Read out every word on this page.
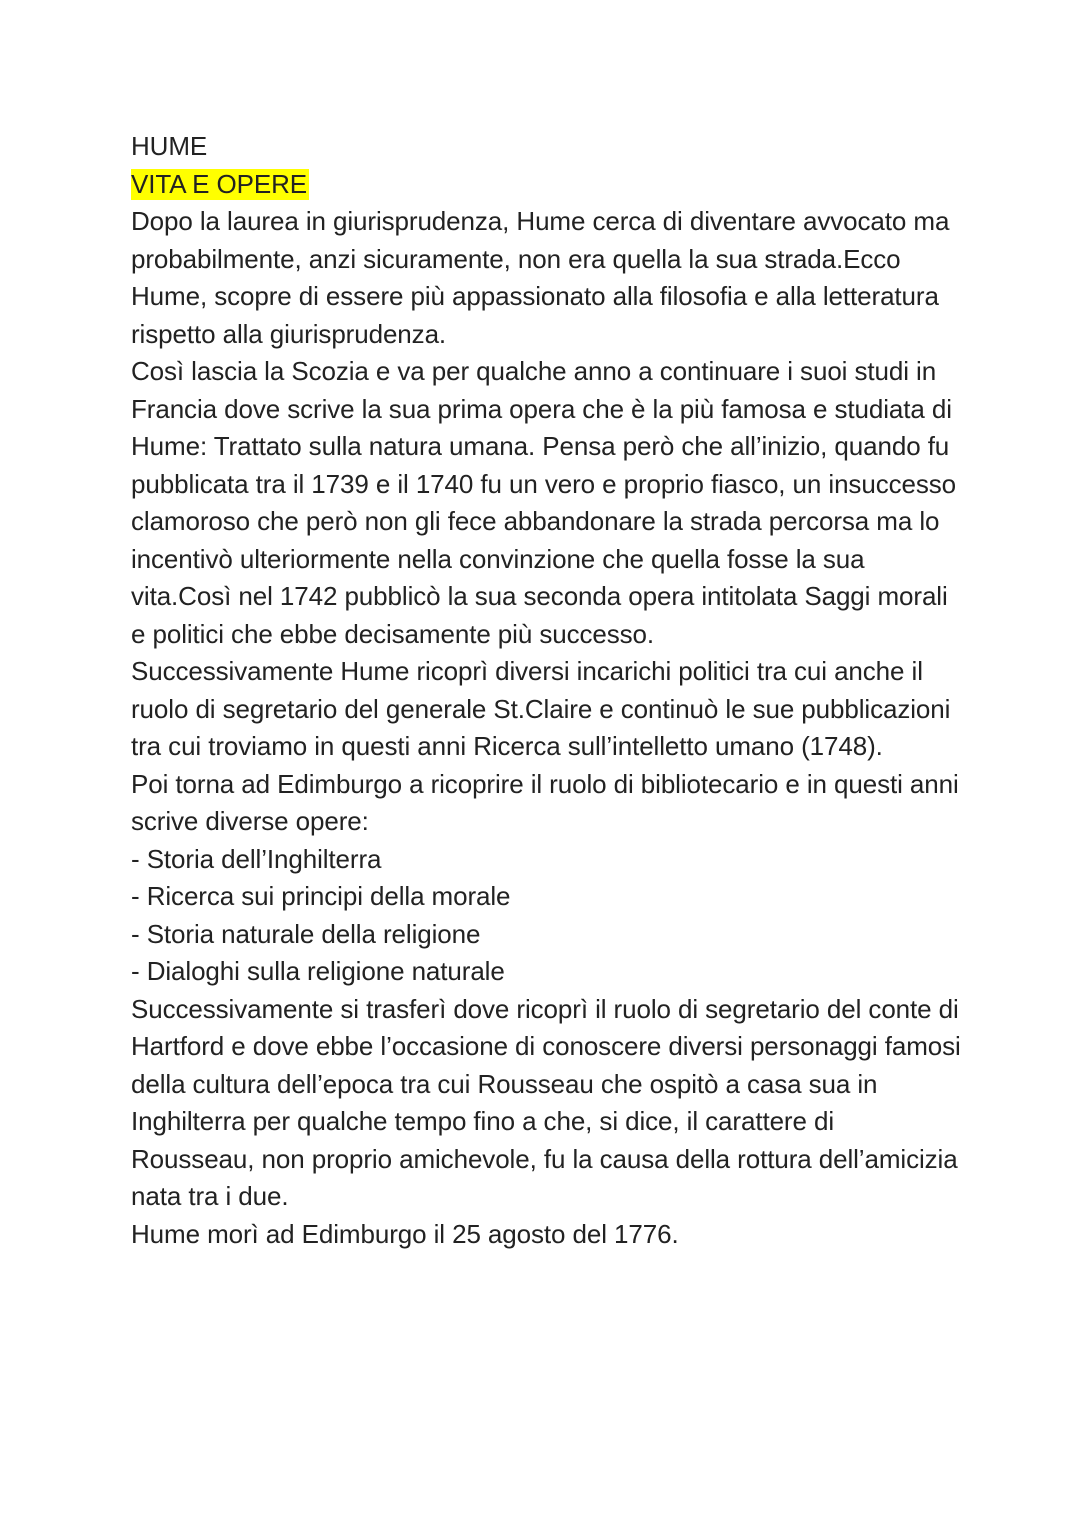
HUME
VITA E OPERE

Dopo la laurea in giurisprudenza, Hume cerca di diventare avvocato ma probabilmente, anzi sicuramente, non era quella la sua strada.Ecco Hume, scopre di essere più appassionato alla filosofia e alla letteratura rispetto alla giurisprudenza.

Così lascia la Scozia e va per qualche anno a continuare i suoi studi in Francia dove scrive la sua prima opera che è la più famosa e studiata di Hume: Trattato sulla natura umana. Pensa però che all’inizio, quando fu pubblicata tra il 1739 e il 1740 fu un vero e proprio fiasco, un insuccesso clamoroso che però non gli fece abbandonare la strada percorsa ma lo incentivò ulteriormente nella convinzione che quella fosse la sua vita.Così nel 1742 pubblicò la sua seconda opera intitolata Saggi morali e politici che ebbe decisamente più successo.

Successivamente Hume ricoprì diversi incarichi politici tra cui anche il ruolo di segretario del generale St.Claire e continuò le sue pubblicazioni tra cui troviamo in questi anni Ricerca sull’intelletto umano (1748).

Poi torna ad Edimburgo a ricoprire il ruolo di bibliotecario e in questi anni scrive diverse opere:

- Storia dell’Inghilterra
- Ricerca sui principi della morale
- Storia naturale della religione
- Dialoghi sulla religione naturale

Successivamente si trasferì dove ricoprì il ruolo di segretario del conte di Hartford e dove ebbe l’occasione di conoscere diversi personaggi famosi della cultura dell’epoca tra cui Rousseau che ospitò a casa sua in Inghilterra per qualche tempo fino a che, si dice, il carattere di Rousseau, non proprio amichevole, fu la causa della rottura dell’amicizia nata tra i due.

Hume morì ad Edimburgo il 25 agosto del 1776.
